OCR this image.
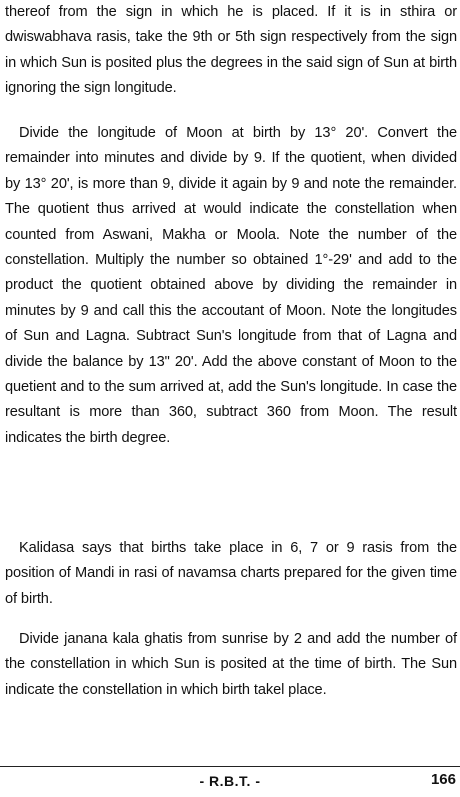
thereof from the sign in which he is placed. If it is in sthira or dwiswabhava rasis, take the 9th or 5th sign respectively from the sign in which Sun is posited plus the degrees in the said sign of Sun at birth ignoring the sign longitude.

Divide the longitude of Moon at birth by 13° 20'. Convert the remainder into minutes and divide by 9. If the quotient, when divided by 13° 20', is more than 9, divide it again by 9 and note the remainder. The quotient thus arrived at would indicate the constellation when counted from Aswani, Makha or Moola. Note the number of the constellation. Multiply the number so obtained 1°-29' and add to the product the quotient obtained above by dividing the remainder in minutes by 9 and call this the accoutant of Moon. Note the longitudes of Sun and Lagna. Subtract Sun's longitude from that of Lagna and divide the balance by 13" 20'. Add the above constant of Moon to the quetient and to the sum arrived at, add the Sun's longitude. In case the resultant is more than 360, subtract 360 from Moon. The result indicates the birth degree.

Kalidasa says that births take place in 6, 7 or 9 rasis from the position of Mandi in rasi of navamsa charts prepared for the given time of birth.

Divide janana kala ghatis from sunrise by 2 and add the number of the constellation in which Sun is posited at the time of birth. The Sun indicate the constellation in which birth takel place.

- R.B.T. -	166
